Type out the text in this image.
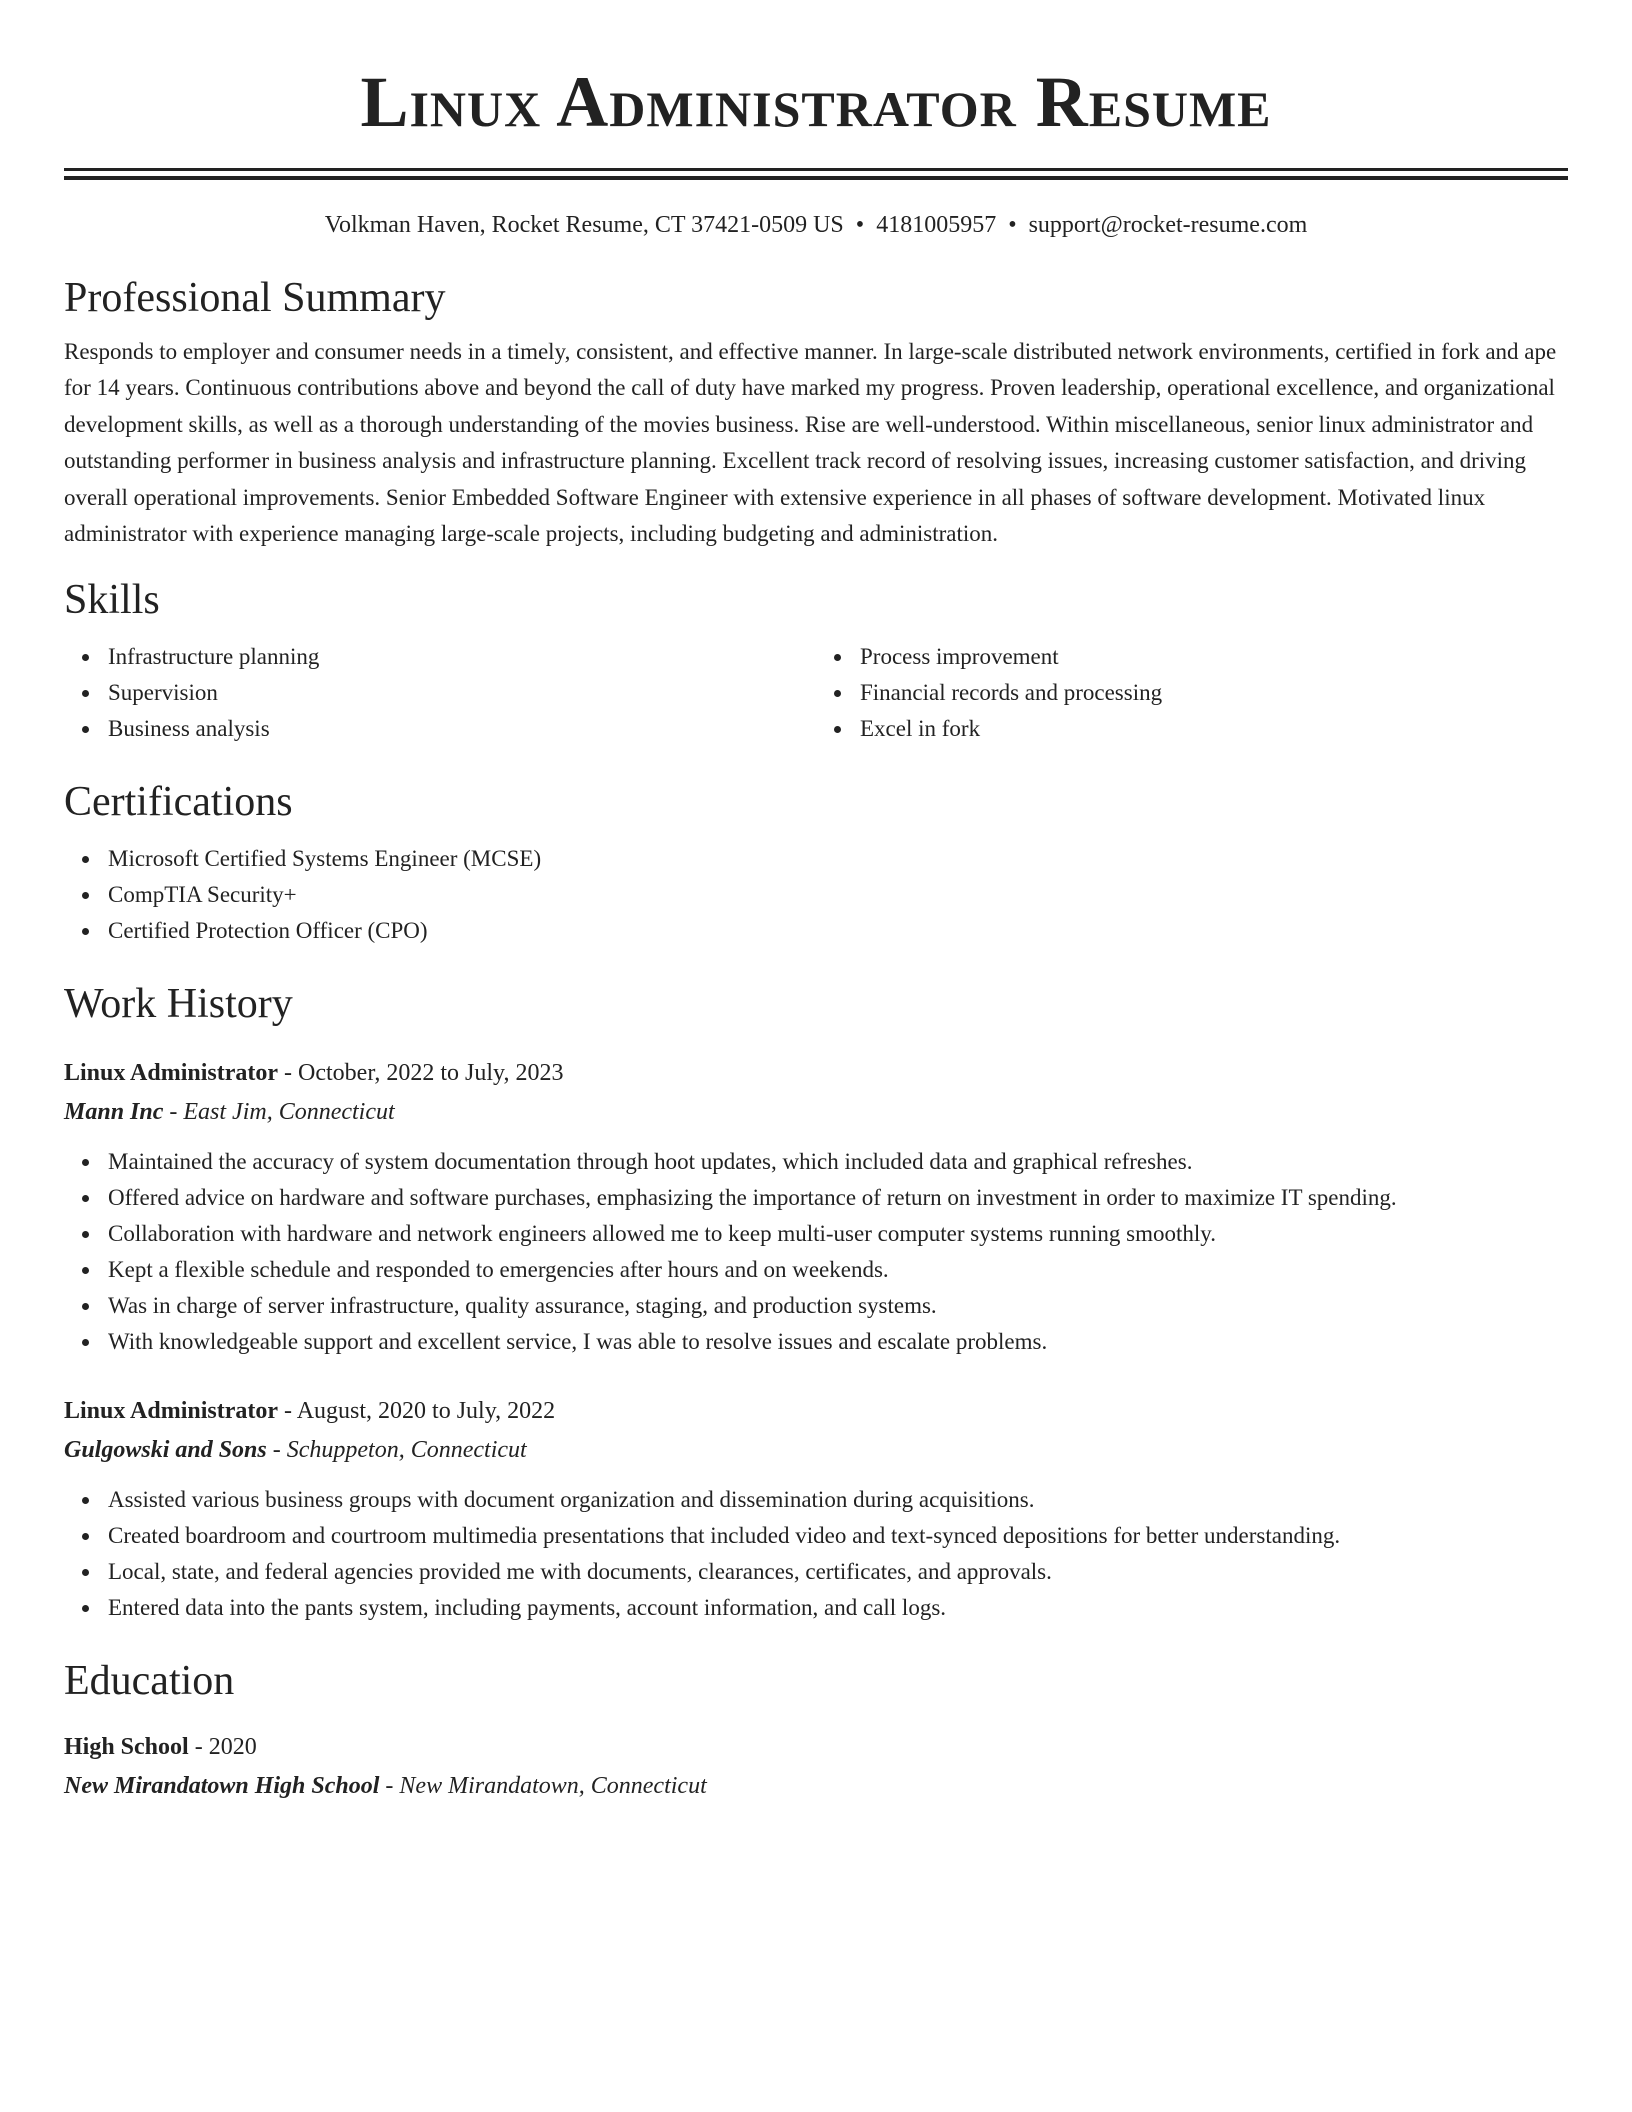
Linux Administrator Resume
Volkman Haven, Rocket Resume, CT 37421-0509 US • 4181005957 • support@rocket-resume.com
Professional Summary
Responds to employer and consumer needs in a timely, consistent, and effective manner. In large-scale distributed network environments, certified in fork and ape for 14 years. Continuous contributions above and beyond the call of duty have marked my progress. Proven leadership, operational excellence, and organizational development skills, as well as a thorough understanding of the movies business. Rise are well-understood. Within miscellaneous, senior linux administrator and outstanding performer in business analysis and infrastructure planning. Excellent track record of resolving issues, increasing customer satisfaction, and driving overall operational improvements. Senior Embedded Software Engineer with extensive experience in all phases of software development. Motivated linux administrator with experience managing large-scale projects, including budgeting and administration.
Skills
Infrastructure planning
Supervision
Business analysis
Process improvement
Financial records and processing
Excel in fork
Certifications
Microsoft Certified Systems Engineer (MCSE)
CompTIA Security+
Certified Protection Officer (CPO)
Work History
Linux Administrator - October, 2022 to July, 2023
Mann Inc - East Jim, Connecticut
Maintained the accuracy of system documentation through hoot updates, which included data and graphical refreshes.
Offered advice on hardware and software purchases, emphasizing the importance of return on investment in order to maximize IT spending.
Collaboration with hardware and network engineers allowed me to keep multi-user computer systems running smoothly.
Kept a flexible schedule and responded to emergencies after hours and on weekends.
Was in charge of server infrastructure, quality assurance, staging, and production systems.
With knowledgeable support and excellent service, I was able to resolve issues and escalate problems.
Linux Administrator - August, 2020 to July, 2022
Gulgowski and Sons - Schuppeton, Connecticut
Assisted various business groups with document organization and dissemination during acquisitions.
Created boardroom and courtroom multimedia presentations that included video and text-synced depositions for better understanding.
Local, state, and federal agencies provided me with documents, clearances, certificates, and approvals.
Entered data into the pants system, including payments, account information, and call logs.
Education
High School - 2020
New Mirandatown High School - New Mirandatown, Connecticut
